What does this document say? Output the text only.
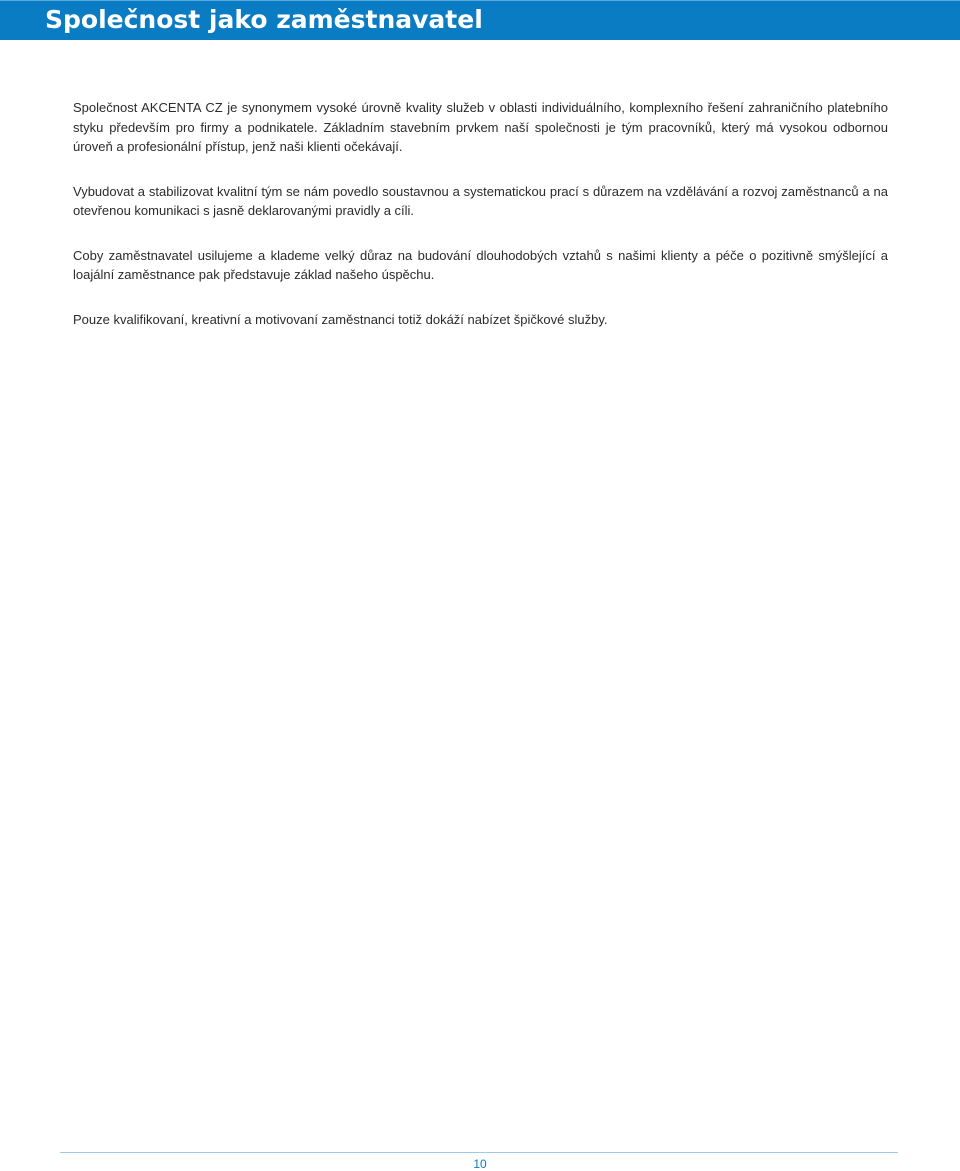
Společnost jako zaměstnavatel

Společnost AKCENTA CZ je synonymem vysoké úrovně kvality služeb v oblasti individuálního, komplexního řešení zahraničního platebního styku především pro firmy a podnikatele. Základním stavebním prvkem naší společnosti je tým pracovníků, který má vysokou odbornou úroveň a profesionální přístup, jenž naši klienti očekávají.

Vybudovat a stabilizovat kvalitní tým se nám povedlo soustavnou a systematickou prací s důrazem na vzdělávání a rozvoj zaměstnanců a na otevřenou komunikaci s jasně deklarovanými pravidly a cíli.

Coby zaměstnavatel usilujeme a klademe velký důraz na budování dlouhodobých vztahů s našimi klienty a péče o pozitivně smýšlející a loajální zaměstnance pak představuje základ našeho úspěchu.

Pouze kvalifikovaní, kreativní a motivovaní zaměstnanci totiž dokáží nabízet špičkové služby.

10
